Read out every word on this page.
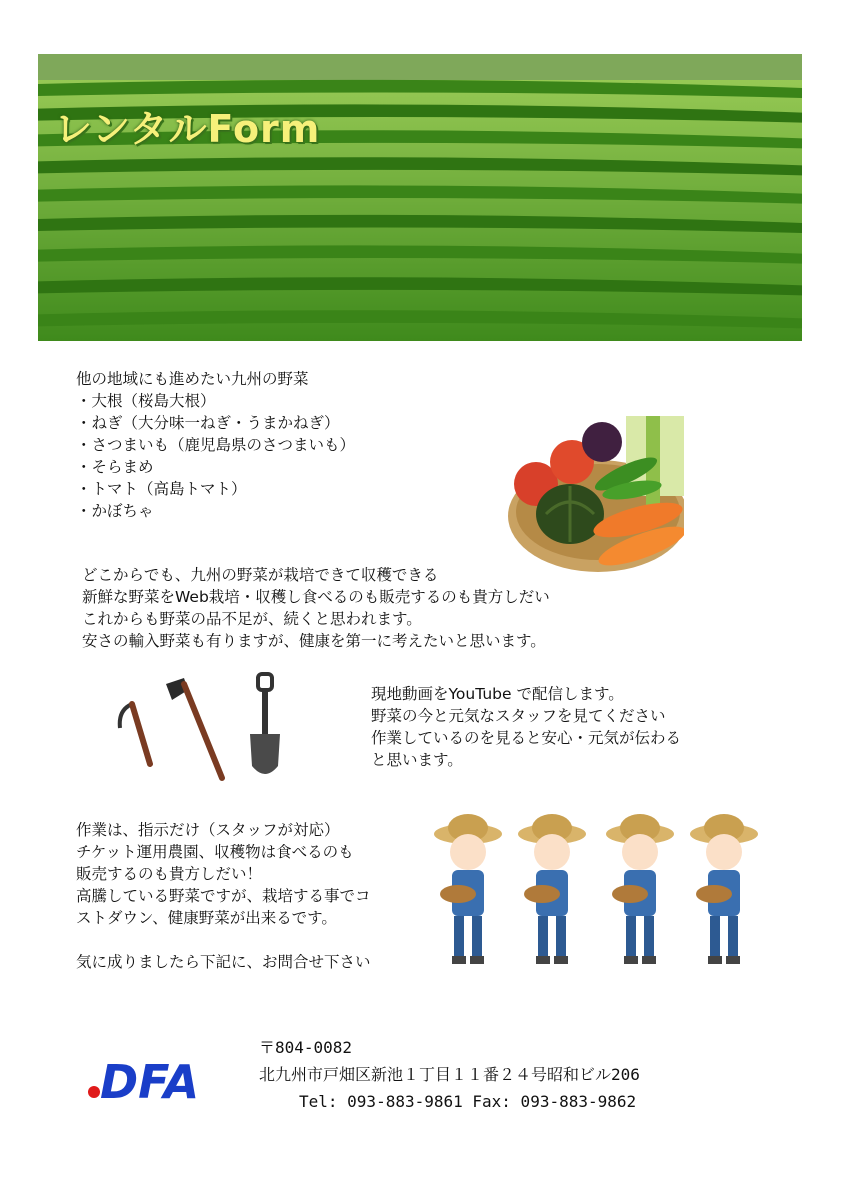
レンタルForm
他の地域にも進めたい九州の野菜
・大根（桜島大根）
・ねぎ（大分味一ねぎ・うまかねぎ）
・さつまいも（鹿児島県のさつまいも）
・そらまめ
・トマト（高島トマト）
・かぼちゃ
どこからでも、九州の野菜が栽培できて収穫できる
新鮮な野菜をWeb栽培・収穫し食べるのも販売するのも貴方しだい
これからも野菜の品不足が、続くと思われます。
安さの輸入野菜も有りますが、健康を第一に考えたいと思います。
現地動画をYouTube で配信します。
野菜の今と元気なスタッフを見てください
作業しているのを見ると安心・元気が伝わる
と思います。
作業は、指示だけ（スタッフが対応）
チケット運用農園、収穫物は食べるのも
販売するのも貴方しだい！
高騰している野菜ですが、栽培する事でコ
ストダウン、健康野菜が出来るです。

気に成りましたら下記に、お問合せ下さい
DFA
〒804-0082
北九州市戸畑区新池１丁目１１番２４号昭和ビル206
Tel: 093-883-9861 Fax: 093-883-9862
